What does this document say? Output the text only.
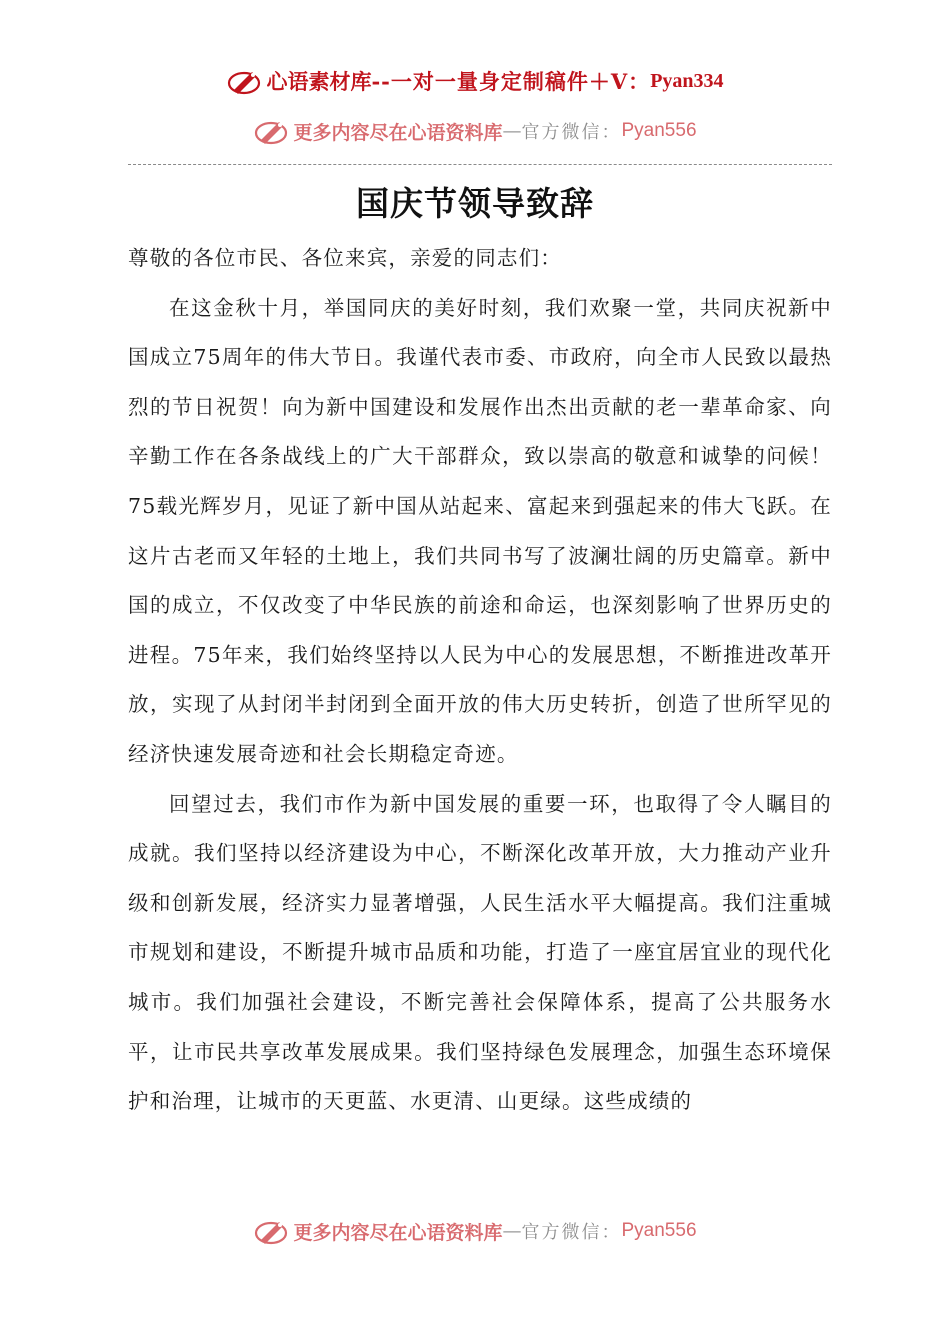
心语素材库 --一对一量身定制稿件＋V： Pyan334
更多内容尽在心语资料库 — 官方微信： Pyan556
国庆节领导致辞

尊敬的各位市民、各位来宾，亲爱的同志们：

在这金秋十月，举国同庆的美好时刻，我们欢聚一堂，共同庆祝新中国成立75周年的伟大节日。我谨代表市委、市政府，向全市人民致以最热烈的节日祝贺！向为新中国建设和发展作出杰出贡献的老一辈革命家、向辛勤工作在各条战线上的广大干部群众，致以崇高的敬意和诚挚的问候！75载光辉岁月，见证了新中国从站起来、富起来到强起来的伟大飞跃。在这片古老而又年轻的土地上，我们共同书写了波澜壮阔的历史篇章。新中国的成立，不仅改变了中华民族的前途和命运，也深刻影响了世界历史的进程。75年来，我们始终坚持以人民为中心的发展思想，不断推进改革开放，实现了从封闭半封闭到全面开放的伟大历史转折，创造了世所罕见的经济快速发展奇迹和社会长期稳定奇迹。

回望过去，我们市作为新中国发展的重要一环，也取得了令人瞩目的成就。我们坚持以经济建设为中心，不断深化改革开放，大力推动产业升级和创新发展，经济实力显著增强，人民生活水平大幅提高。我们注重城市规划和建设，不断提升城市品质和功能，打造了一座宜居宜业的现代化城市。我们加强社会建设，不断完善社会保障体系，提高了公共服务水平，让市民共享改革发展成果。我们坚持绿色发展理念，加强生态环境保护和治理，让城市的天更蓝、水更清、山更绿。这些成绩的

更多内容尽在心语资料库 — 官方微信： Pyan556
